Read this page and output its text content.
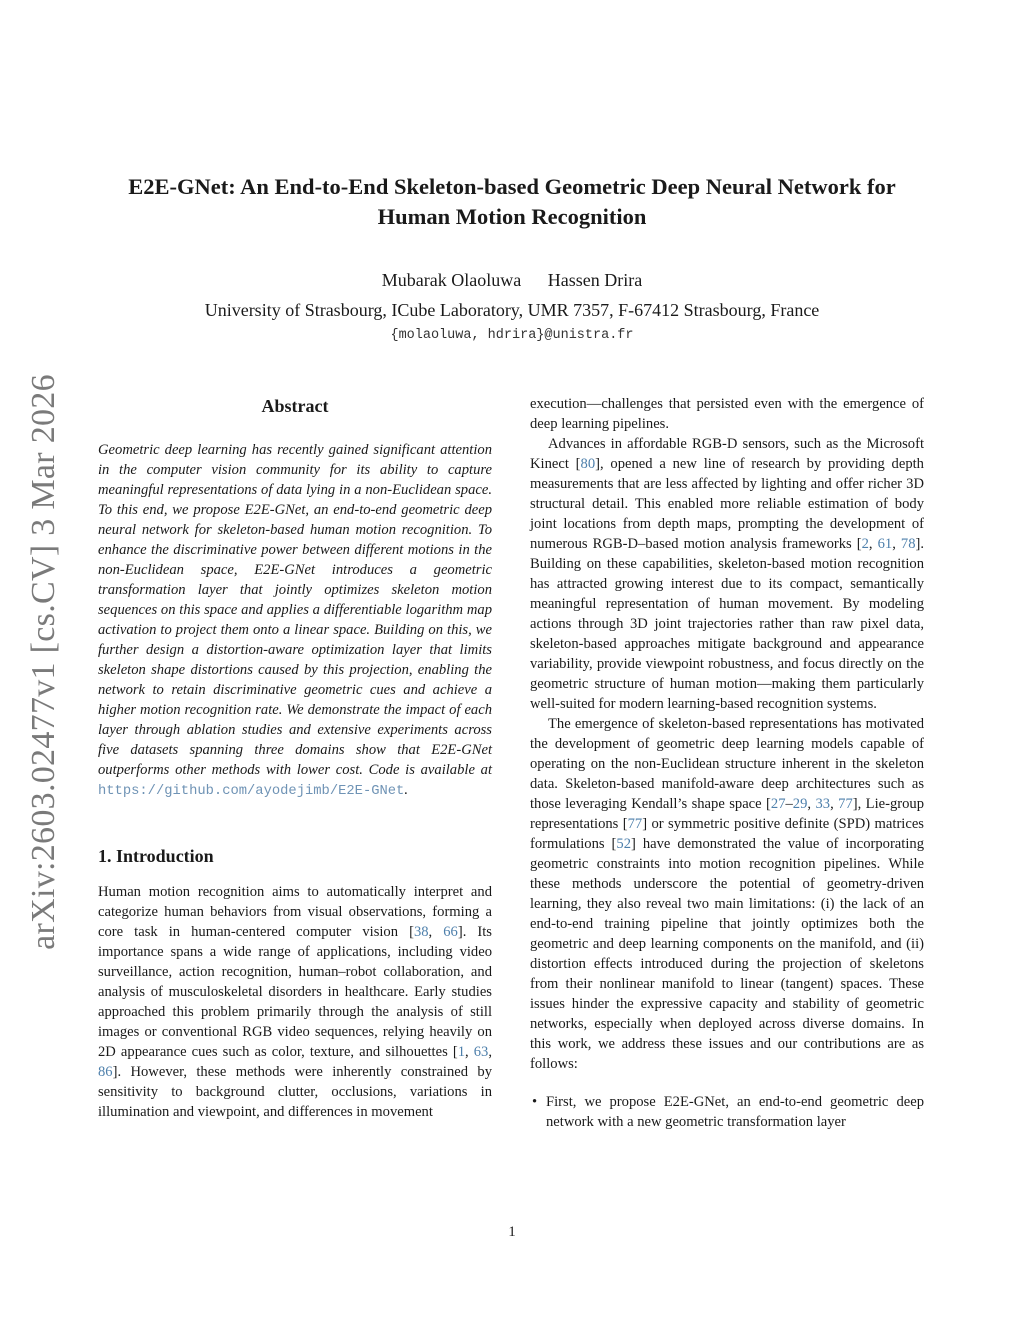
arXiv:2603.02477v1 [cs.CV] 3 Mar 2026
E2E-GNet: An End-to-End Skeleton-based Geometric Deep Neural Network for
Human Motion Recognition
Mubarak Olaoluwa Hassen Drira
University of Strasbourg, ICube Laboratory, UMR 7357, F-67412 Strasbourg, France
{molaoluwa, hdrira}@unistra.fr
Abstract

Geometric deep learning has recently gained significant attention in the computer vision community for its ability to capture meaningful representations of data lying in a non-Euclidean space. To this end, we propose E2E-GNet, an end-to-end geometric deep neural network for skeleton-based human motion recognition. To enhance the discriminative power between different motions in the non-Euclidean space, E2E-GNet introduces a geometric transformation layer that jointly optimizes skeleton motion sequences on this space and applies a differentiable logarithm map activation to project them onto a linear space. Building on this, we further design a distortion-aware optimization layer that limits skeleton shape distortions caused by this projection, enabling the network to retain discriminative geometric cues and achieve a higher motion recognition rate. We demonstrate the impact of each layer through ablation studies and extensive experiments across five datasets spanning three domains show that E2E-GNet outperforms other methods with lower cost. Code is available at https://github.com/ayodejimb/E2E-GNet.

1. Introduction

Human motion recognition aims to automatically interpret and categorize human behaviors from visual observations, forming a core task in human-centered computer vision [38, 66]. Its importance spans a wide range of applications, including video surveillance, action recognition, human–robot collaboration, and analysis of musculoskeletal disorders in healthcare. Early studies approached this problem primarily through the analysis of still images or conventional RGB video sequences, relying heavily on 2D appearance cues such as color, texture, and silhouettes [1, 63, 86]. However, these methods were inherently constrained by sensitivity to background clutter, occlusions, variations in illumination and viewpoint, and differences in movement

execution—challenges that persisted even with the emergence of deep learning pipelines.

Advances in affordable RGB-D sensors, such as the Microsoft Kinect [80], opened a new line of research by providing depth measurements that are less affected by lighting and offer richer 3D structural detail. This enabled more reliable estimation of body joint locations from depth maps, prompting the development of numerous RGB-D–based motion analysis frameworks [2, 61, 78]. Building on these capabilities, skeleton-based motion recognition has attracted growing interest due to its compact, semantically meaningful representation of human movement. By modeling actions through 3D joint trajectories rather than raw pixel data, skeleton-based approaches mitigate background and appearance variability, provide viewpoint robustness, and focus directly on the geometric structure of human motion—making them particularly well-suited for modern learning-based recognition systems.

The emergence of skeleton-based representations has motivated the development of geometric deep learning models capable of operating on the non-Euclidean structure inherent in the skeleton data. Skeleton-based manifold-aware deep architectures such as those leveraging Kendall’s shape space [27–29, 33, 77], Lie-group representations [77] or symmetric positive definite (SPD) matrices formulations [52] have demonstrated the value of incorporating geometric constraints into motion recognition pipelines. While these methods underscore the potential of geometry-driven learning, they also reveal two main limitations: (i) the lack of an end-to-end training pipeline that jointly optimizes both the geometric and deep learning components on the manifold, and (ii) distortion effects introduced during the projection of skeletons from their nonlinear manifold to linear (tangent) spaces. These issues hinder the expressive capacity and stability of geometric networks, especially when deployed across diverse domains. In this work, we address these issues and our contributions are as follows:

• First, we propose E2E-GNet, an end-to-end geometric deep network with a new geometric transformation layer
1
